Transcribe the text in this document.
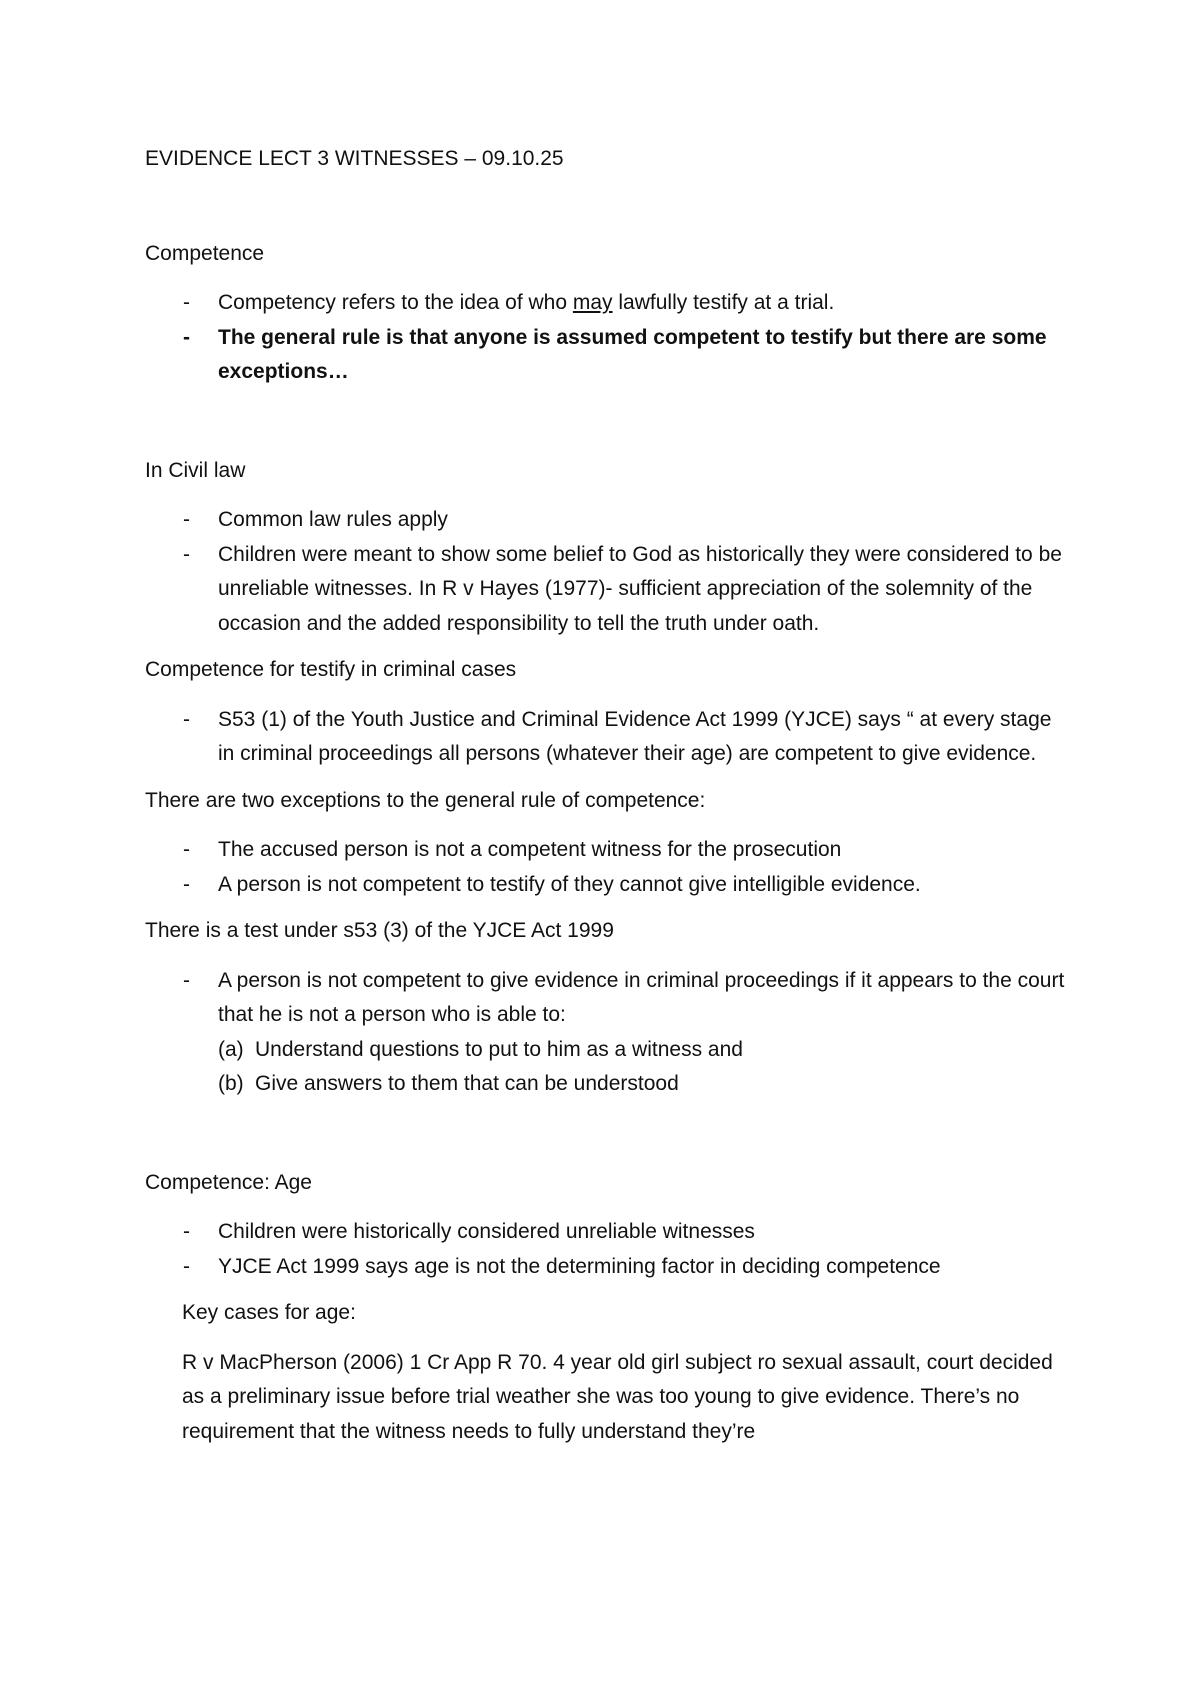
EVIDENCE LECT 3 WITNESSES – 09.10.25

Competence

- Competency refers to the idea of who may lawfully testify at a trial.
- The general rule is that anyone is assumed competent to testify but there are some exceptions…

In Civil law

- Common law rules apply
- Children were meant to show some belief to God as historically they were considered to be unreliable witnesses. In R v Hayes (1977)- sufficient appreciation of the solemnity of the occasion and the added responsibility to tell the truth under oath.

Competence for testify in criminal cases

- S53 (1) of the Youth Justice and Criminal Evidence Act 1999 (YJCE) says “ at every stage in criminal proceedings all persons (whatever their age) are competent to give evidence.

There are two exceptions to the general rule of competence:

- The accused person is not a competent witness for the prosecution
- A person is not competent to testify of they cannot give intelligible evidence.

There is a test under s53 (3) of the YJCE Act 1999

- A person is not competent to give evidence in criminal proceedings if it appears to the court that he is not a person who is able to:
(a) Understand questions to put to him as a witness and
(b) Give answers to them that can be understood

Competence: Age

- Children were historically considered unreliable witnesses
- YJCE Act 1999 says age is not the determining factor in deciding competence

Key cases for age:

R v MacPherson (2006) 1 Cr App R 70. 4 year old girl subject ro sexual assault, court decided as a preliminary issue before trial weather she was too young to give evidence. There’s no requirement that the witness needs to fully understand they’re
